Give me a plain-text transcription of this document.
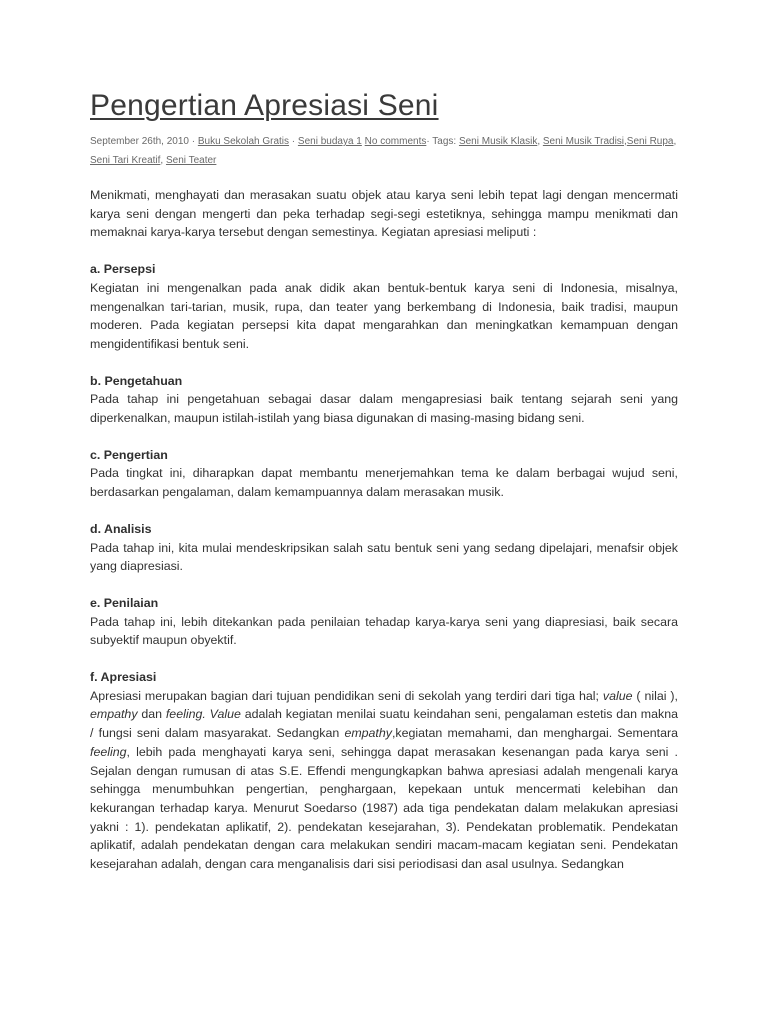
Pengertian Apresiasi Seni
September 26th, 2010 · Buku Sekolah Gratis · Seni budaya 1 No comments· Tags: Seni Musik Klasik, Seni Musik Tradisi,Seni Rupa, Seni Tari Kreatif, Seni Teater

Menikmati, menghayati dan merasakan suatu objek atau karya seni lebih tepat lagi dengan mencermati karya seni dengan mengerti dan peka terhadap segi-segi estetiknya, sehingga mampu menikmati dan memaknai karya-karya tersebut dengan semestinya. Kegiatan apresiasi meliputi :

a. Persepsi

Kegiatan ini mengenalkan pada anak didik akan bentuk-bentuk karya seni di Indonesia, misalnya, mengenalkan tari-tarian, musik, rupa, dan teater yang berkembang di Indonesia, baik tradisi, maupun moderen. Pada kegiatan persepsi kita dapat mengarahkan dan meningkatkan kemampuan dengan mengidentifikasi bentuk seni.

b. Pengetahuan

Pada tahap ini pengetahuan sebagai dasar dalam mengapresiasi baik tentang sejarah seni yang diperkenalkan, maupun istilah-istilah yang biasa digunakan di masing-masing bidang seni.

c. Pengertian

Pada tingkat ini, diharapkan dapat membantu menerjemahkan tema ke dalam berbagai wujud seni, berdasarkan pengalaman, dalam kemampuannya dalam merasakan musik.

d. Analisis

Pada tahap ini, kita mulai mendeskripsikan salah satu bentuk seni yang sedang dipelajari, menafsir objek yang diapresiasi.

e. Penilaian

Pada tahap ini, lebih ditekankan pada penilaian tehadap karya-karya seni yang diapresiasi, baik secara subyektif maupun obyektif.

f. Apresiasi

Apresiasi merupakan bagian dari tujuan pendidikan seni di sekolah yang terdiri dari tiga hal; value ( nilai ), empathy dan feeling. Value adalah kegiatan menilai suatu keindahan seni, pengalaman estetis dan makna / fungsi seni dalam masyarakat. Sedangkan empathy,kegiatan memahami, dan menghargai. Sementara feeling, lebih pada menghayati karya seni, sehingga dapat merasakan kesenangan pada karya seni . Sejalan dengan rumusan di atas S.E. Effendi mengungkapkan bahwa apresiasi adalah mengenali karya sehingga menumbuhkan pengertian, penghargaan, kepekaan untuk mencermati kelebihan dan kekurangan terhadap karya. Menurut Soedarso (1987) ada tiga pendekatan dalam melakukan apresiasi yakni : 1). pendekatan aplikatif, 2). pendekatan kesejarahan, 3). Pendekatan problematik. Pendekatan aplikatif, adalah pendekatan dengan cara melakukan sendiri macam-macam kegiatan seni. Pendekatan kesejarahan adalah, dengan cara menganalisis dari sisi periodisasi dan asal usulnya. Sedangkan
